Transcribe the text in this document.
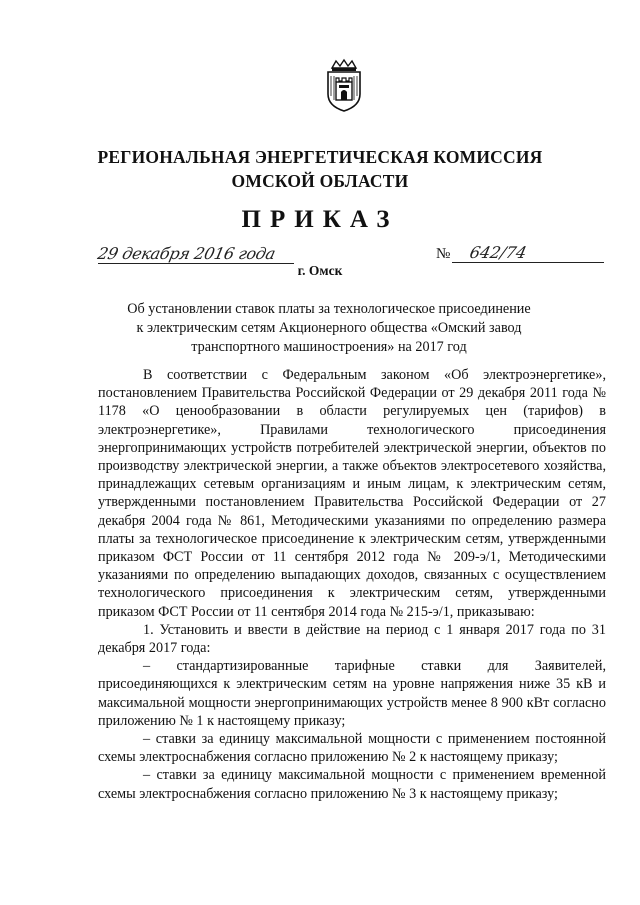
РЕГИОНАЛЬНАЯ ЭНЕРГЕТИЧЕСКАЯ КОМИССИЯ
ОМСКОЙ ОБЛАСТИ
ПРИКАЗ
29 декабря 2016 года	№ 642/74
г. Омск
Об установлении ставок платы за технологическое присоединение
к электрическим сетям Акционерного общества «Омский завод
транспортного машиностроения» на 2017 год

В соответствии с Федеральным законом «Об электроэнергетике», постановлением Правительства Российской Федерации от 29 декабря 2011 года № 1178 «О ценообразовании в области регулируемых цен (тарифов) в электроэнергетике», Правилами технологического присоединения энергопринимающих устройств потребителей электрической энергии, объектов по производству электрической энергии, а также объектов электросетевого хозяйства, принадлежащих сетевым организациям и иным лицам, к электрическим сетям, утвержденными постановлением Правительства Российской Федерации от 27 декабря 2004 года № 861, Методическими указаниями по определению размера платы за технологическое присоединение к электрическим сетям, утвержденными приказом ФСТ России от 11 сентября 2012 года № 209-э/1, Методическими указаниями по определению выпадающих доходов, связанных с осуществлением технологического присоединения к электрическим сетям, утвержденными приказом ФСТ России от 11 сентября 2014 года № 215-э/1, приказываю:

1. Установить и ввести в действие на период с 1 января 2017 года по 31 декабря 2017 года:

– стандартизированные тарифные ставки для Заявителей, присоединяющихся к электрическим сетям на уровне напряжения ниже 35 кВ и максимальной мощности энергопринимающих устройств менее 8 900 кВт согласно приложению № 1 к настоящему приказу;

– ставки за единицу максимальной мощности с применением постоянной схемы электроснабжения согласно приложению № 2 к настоящему приказу;

– ставки за единицу максимальной мощности с применением временной схемы электроснабжения согласно приложению № 3 к настоящему приказу;
